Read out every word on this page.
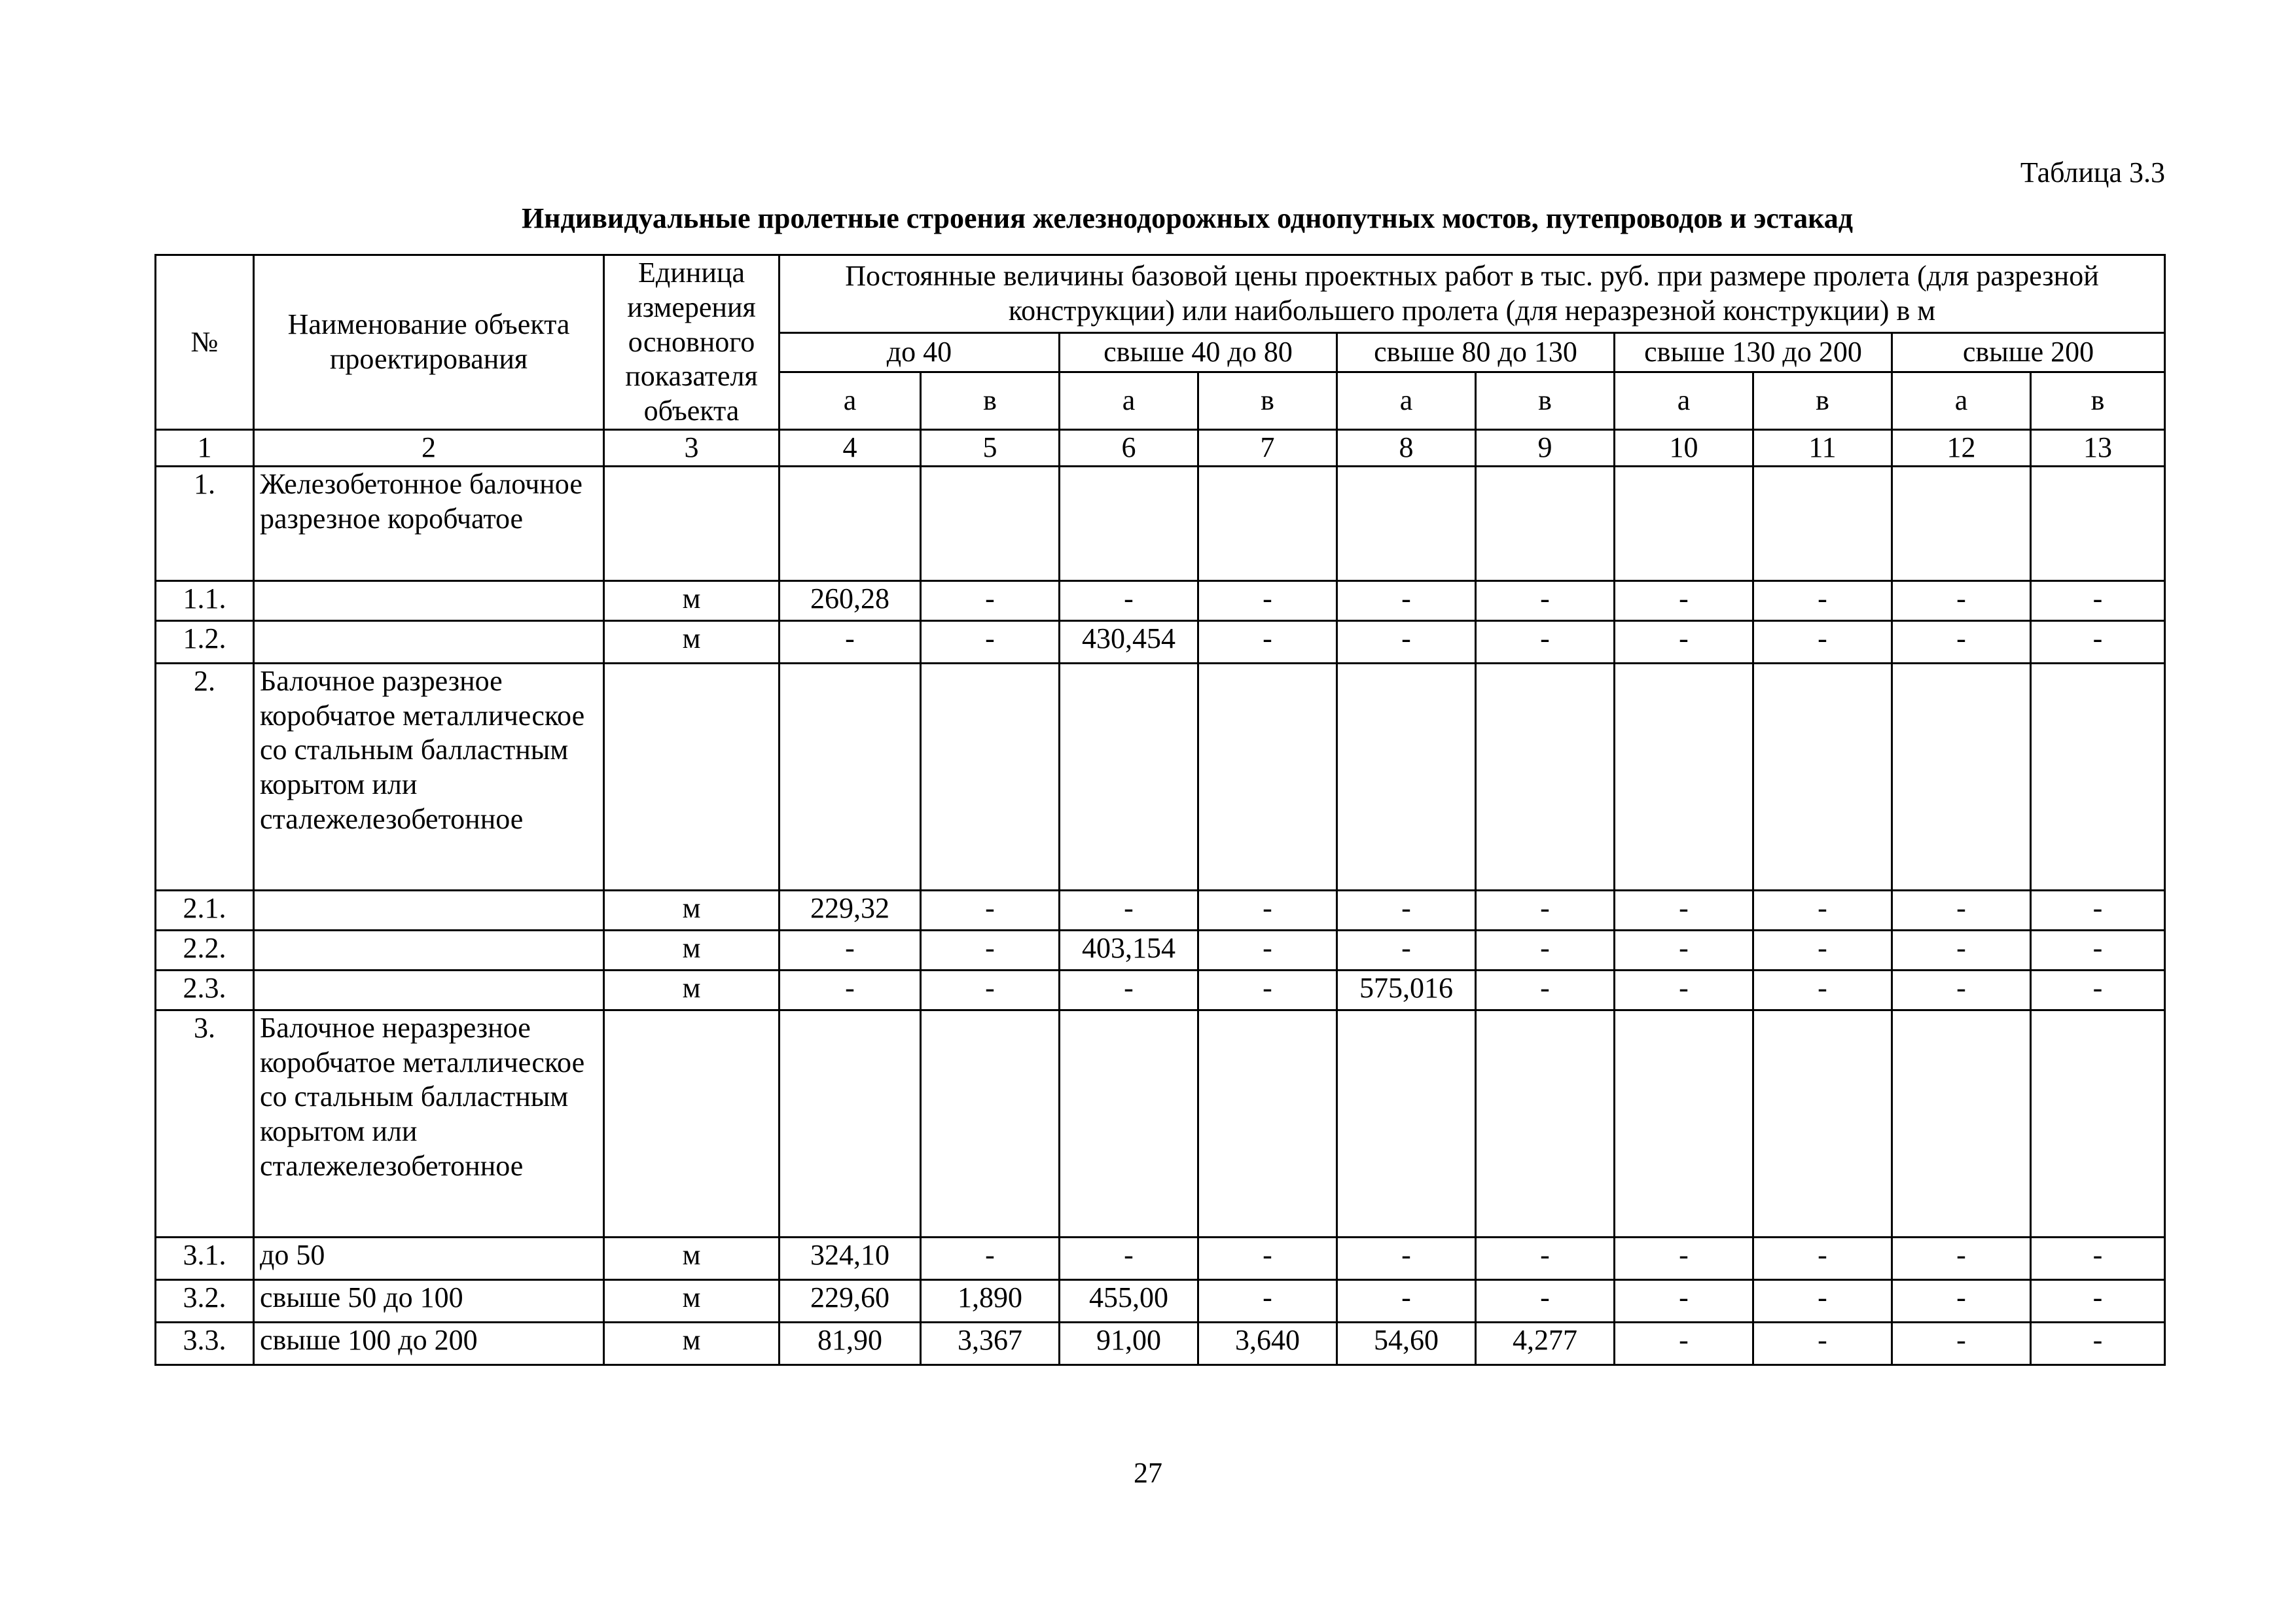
Таблица 3.3
Индивидуальные пролетные строения железнодорожных однопутных мостов, путепроводов и эстакад
№	Наименование объекта проектирования	Единица измерения основного показателя объекта	Постоянные величины базовой цены проектных работ в тыс. руб. при размере пролета (для разрезной конструкции) или наибольшего пролета (для неразрезной конструкции) в м									
			до 40		свыше 40 до 80		свыше 80 до 130		свыше 130 до 200		свыше 200	
			а	в	а	в	а	в	а	в	а	в
1	2	3	4	5	6	7	8	9	10	11	12	13
1.	Железобетонное балочное разрезное коробчатое											
1.1.		м	260,28	-	-	-	-	-	-	-	-	-
1.2.		м	-	-	430,454	-	-	-	-	-	-	-
2.	Балочное разрезное коробчатое металлическое со стальным балластным корытом или сталежелезобетонное											
2.1.		м	229,32	-	-	-	-	-	-	-	-	-
2.2.		м	-	-	403,154	-	-	-	-	-	-	-
2.3.		м	-	-	-	-	575,016	-	-	-	-	-
3.	Балочное неразрезное коробчатое металлическое со стальным балластным корытом или сталежелезобетонное											
3.1.	до 50	м	324,10	-	-	-	-	-	-	-	-	-
3.2.	свыше 50 до 100	м	229,60	1,890	455,00	-	-	-	-	-	-	-
3.3.	свыше 100 до 200	м	81,90	3,367	91,00	3,640	54,60	4,277	-	-	-	-
27
